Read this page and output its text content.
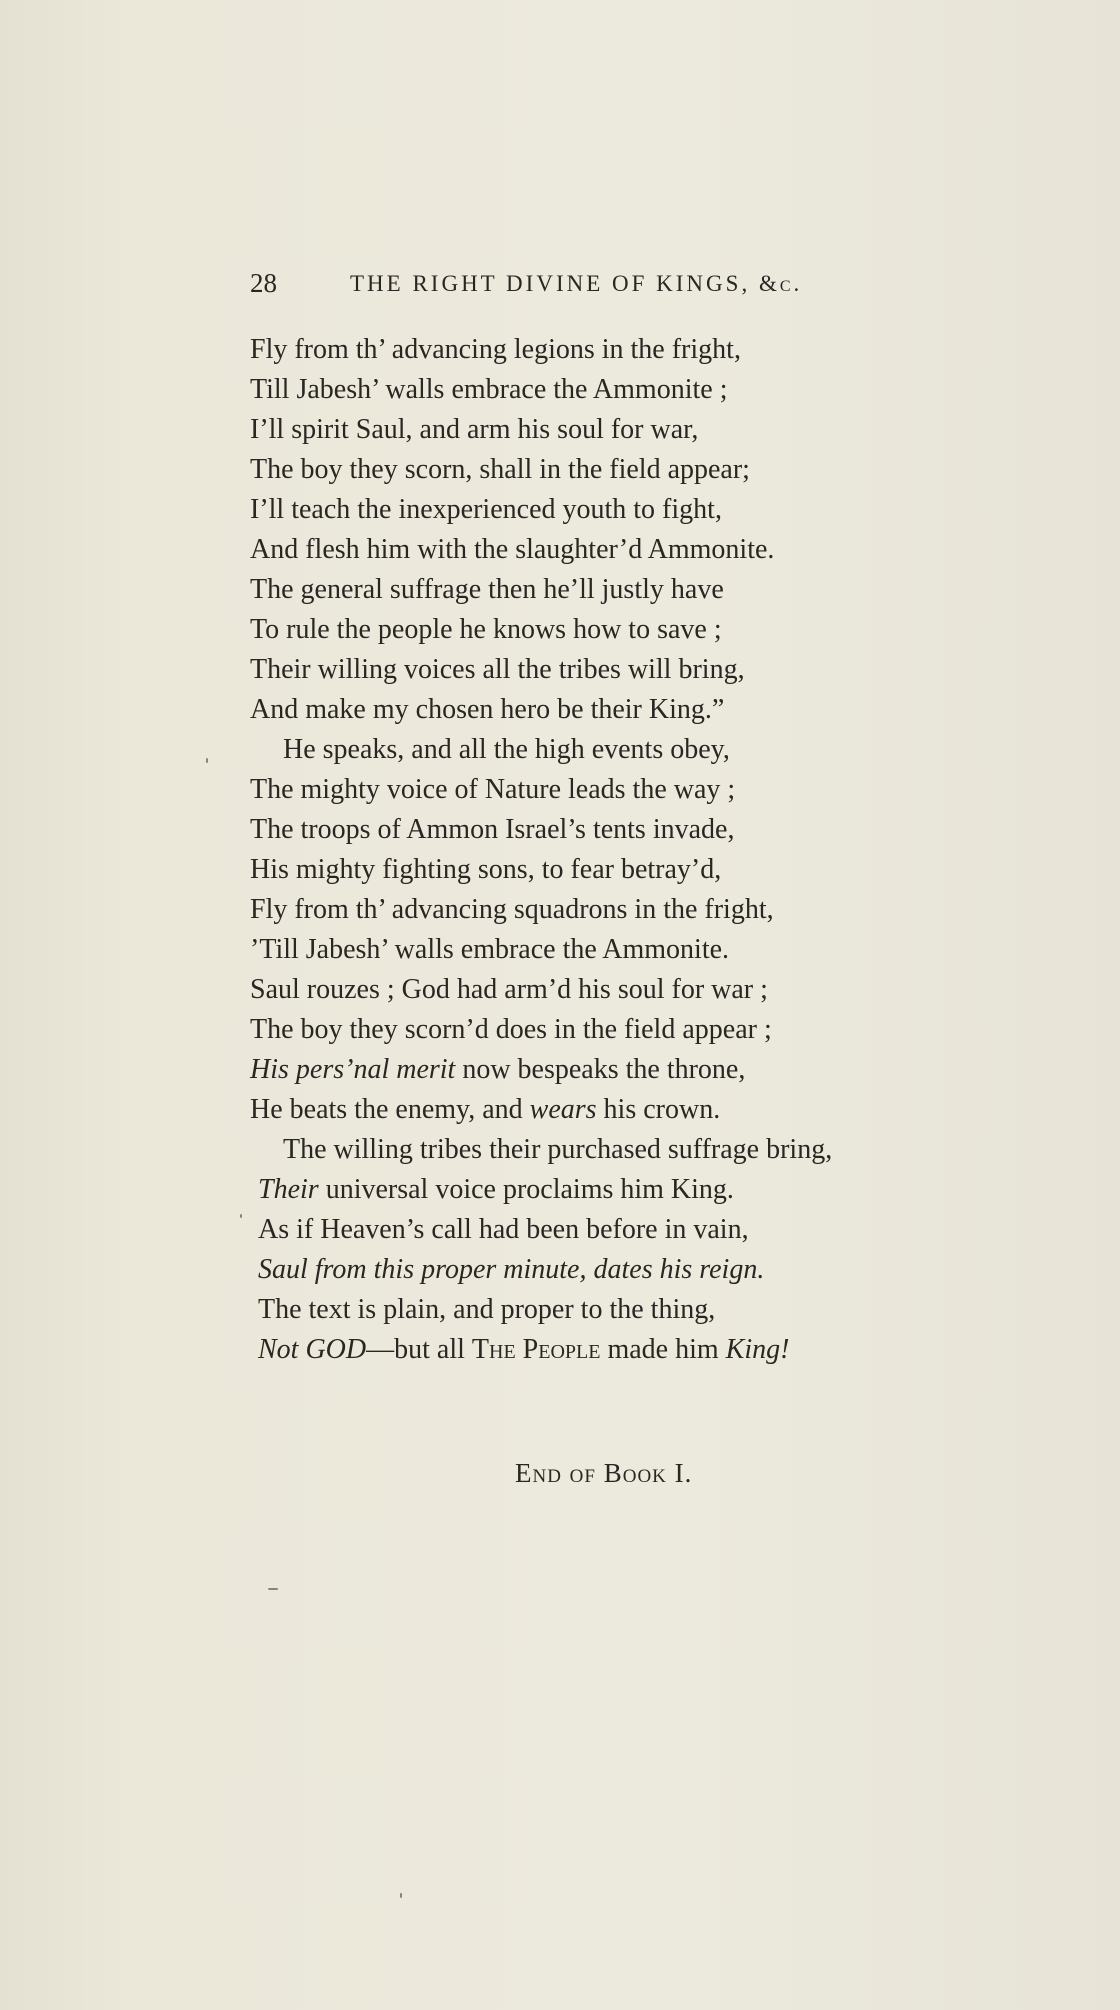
28	THE RIGHT DIVINE OF KINGS, &c.
Fly from th’ advancing legions in the fright,
Till Jabesh’ walls embrace the Ammonite ;
I’ll spirit Saul, and arm his soul for war,
The boy they scorn, shall in the field appear;
I’ll teach the inexperienced youth to fight,
And flesh him with the slaughter’d Ammonite.
The general suffrage then he’ll justly have
To rule the people he knows how to save ;
Their willing voices all the tribes will bring,
And make my chosen hero be their King.”
He speaks, and all the high events obey,
The mighty voice of Nature leads the way ;
The troops of Ammon Israel’s tents invade,
His mighty fighting sons, to fear betray’d,
Fly from th’ advancing squadrons in the fright,
’Till Jabesh’ walls embrace the Ammonite.
Saul rouzes ; God had arm’d his soul for war ;
The boy they scorn’d does in the field appear ;
His pers’nal merit now bespeaks the throne,
He beats the enemy, and wears his crown.
The willing tribes their purchased suffrage bring,
Their universal voice proclaims him King.
As if Heaven’s call had been before in vain,
Saul from this proper minute, dates his reign.
The text is plain, and proper to the thing,
Not GOD—but all The People made him King!
End of Book I.
